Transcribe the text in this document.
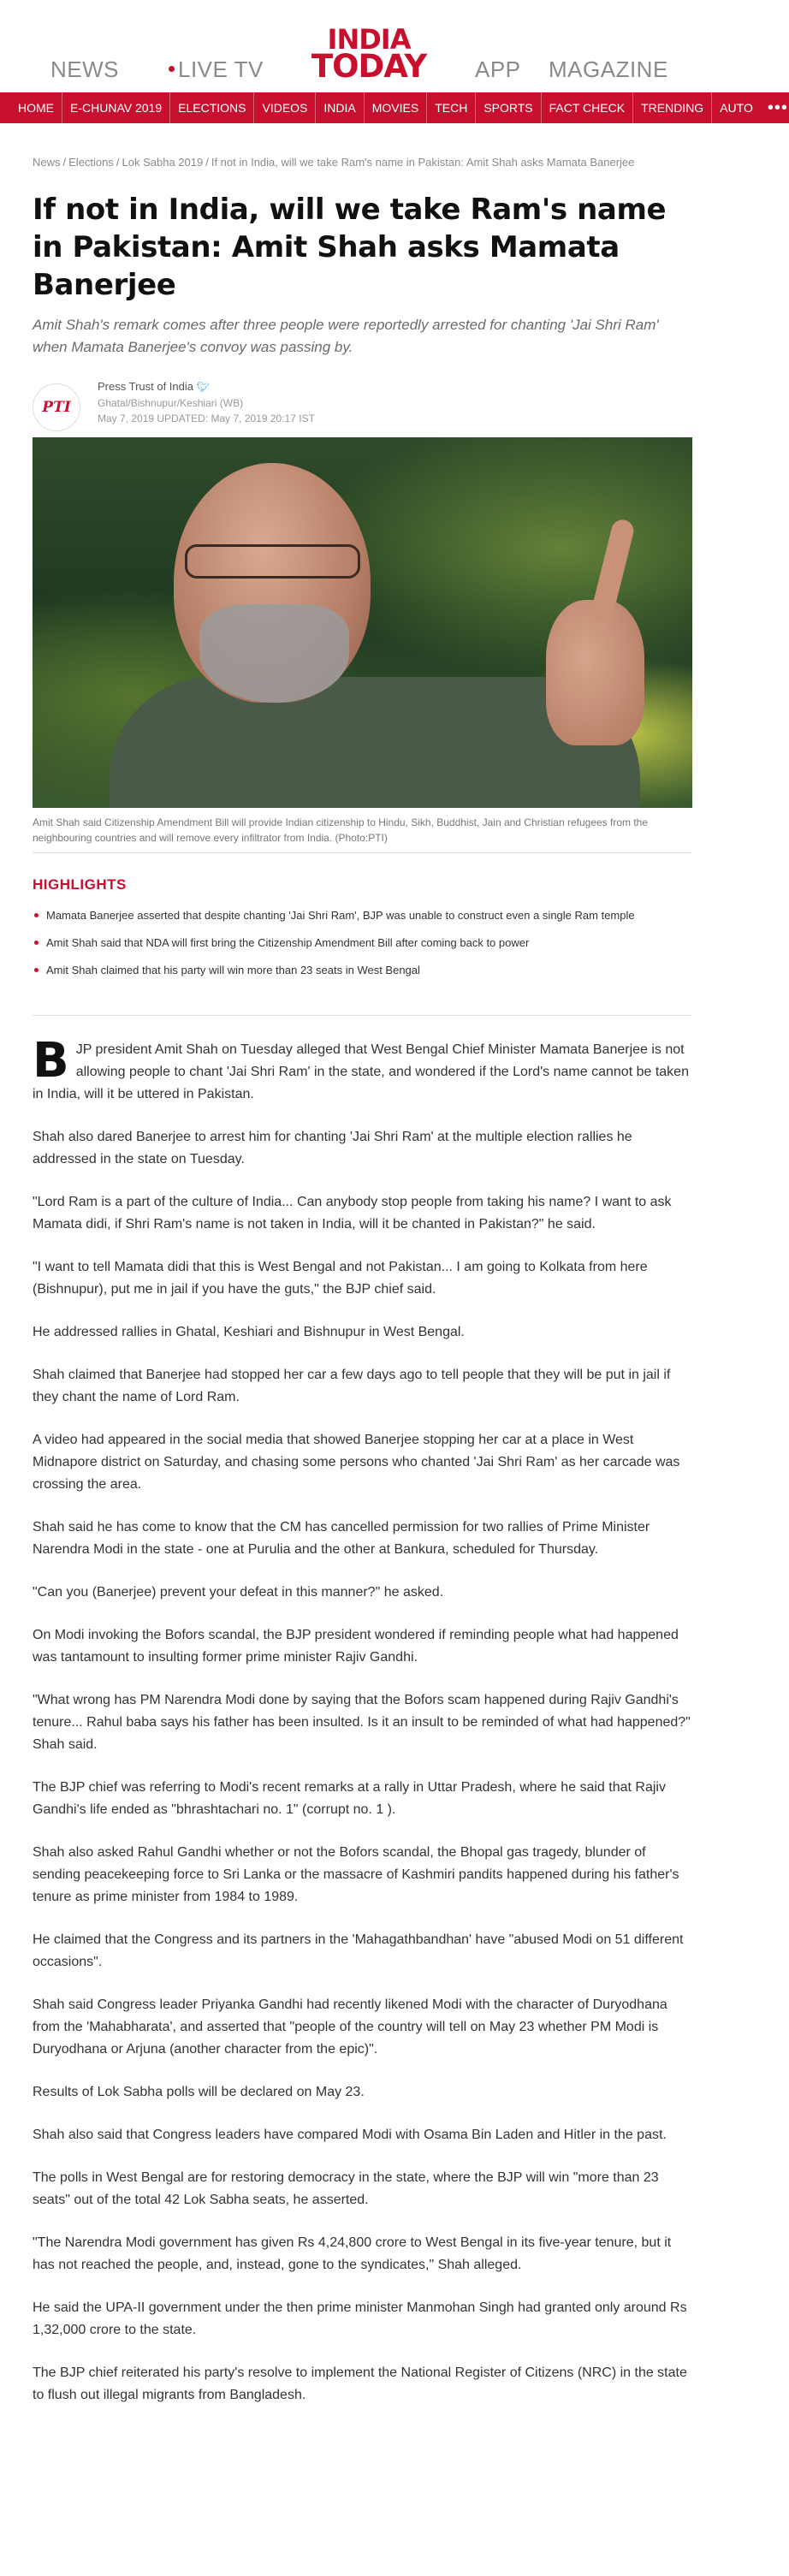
NEWS	LIVE TV
INDIA
TODAY	APP MAGAZINE
HOME	E-CHUNAV 2019	ELECTIONS	VIDEOS	INDIA	MOVIES	TECH	SPORTS	FACT CHECK	TRENDING	AUTO •••
News / Elections / Lok Sabha 2019 / If not in India, will we take Ram's name in Pakistan: Amit Shah asks Mamata Banerjee
If not in India, will we take Ram's name in Pakistan: Amit Shah asks Mamata Banerjee

Amit Shah's remark comes after three people were reportedly arrested for chanting 'Jai Shri Ram' when Mamata Banerjee's convoy was passing by.

PTI
Press Trust of India 🐦︎
Ghatal/Bishnupur/Keshiari (WB)
May 7, 2019 UPDATED: May 7, 2019 20:17 IST

Amit Shah said Citizenship Amendment Bill will provide Indian citizenship to Hindu, Sikh, Buddhist, Jain and Christian refugees from the neighbouring countries and will remove every infiltrator from India. (Photo:PTI)

HIGHLIGHTS
Mamata Banerjee asserted that despite chanting 'Jai Shri Ram', BJP was unable to construct even a single Ram temple
Amit Shah said that NDA will first bring the Citizenship Amendment Bill after coming back to power
Amit Shah claimed that his party will win more than 23 seats in West Bengal

BJP president Amit Shah on Tuesday alleged that West Bengal Chief Minister Mamata Banerjee is not allowing people to chant 'Jai Shri Ram' in the state, and wondered if the Lord's name cannot be taken in India, will it be uttered in Pakistan.

Shah also dared Banerjee to arrest him for chanting 'Jai Shri Ram' at the multiple election rallies he addressed in the state on Tuesday.

"Lord Ram is a part of the culture of India... Can anybody stop people from taking his name? I want to ask Mamata didi, if Shri Ram's name is not taken in India, will it be chanted in Pakistan?" he said.

"I want to tell Mamata didi that this is West Bengal and not Pakistan... I am going to Kolkata from here (Bishnupur), put me in jail if you have the guts," the BJP chief said.

He addressed rallies in Ghatal, Keshiari and Bishnupur in West Bengal.

Shah claimed that Banerjee had stopped her car a few days ago to tell people that they will be put in jail if they chant the name of Lord Ram.

A video had appeared in the social media that showed Banerjee stopping her car at a place in West Midnapore district on Saturday, and chasing some persons who chanted 'Jai Shri Ram' as her carcade was crossing the area.

Shah said he has come to know that the CM has cancelled permission for two rallies of Prime Minister Narendra Modi in the state - one at Purulia and the other at Bankura, scheduled for Thursday.

"Can you (Banerjee) prevent your defeat in this manner?" he asked.

On Modi invoking the Bofors scandal, the BJP president wondered if reminding people what had happened was tantamount to insulting former prime minister Rajiv Gandhi.

"What wrong has PM Narendra Modi done by saying that the Bofors scam happened during Rajiv Gandhi's tenure... Rahul baba says his father has been insulted. Is it an insult to be reminded of what had happened?" Shah said.

The BJP chief was referring to Modi's recent remarks at a rally in Uttar Pradesh, where he said that Rajiv Gandhi's life ended as "bhrashtachari no. 1" (corrupt no. 1 ).

Shah also asked Rahul Gandhi whether or not the Bofors scandal, the Bhopal gas tragedy, blunder of sending peacekeeping force to Sri Lanka or the massacre of Kashmiri pandits happened during his father's tenure as prime minister from 1984 to 1989.

He claimed that the Congress and its partners in the 'Mahagathbandhan' have "abused Modi on 51 different occasions".

Shah said Congress leader Priyanka Gandhi had recently likened Modi with the character of Duryodhana from the 'Mahabharata', and asserted that "people of the country will tell on May 23 whether PM Modi is Duryodhana or Arjuna (another character from the epic)".

Results of Lok Sabha polls will be declared on May 23.

Shah also said that Congress leaders have compared Modi with Osama Bin Laden and Hitler in the past.

The polls in West Bengal are for restoring democracy in the state, where the BJP will win "more than 23 seats" out of the total 42 Lok Sabha seats, he asserted.

"The Narendra Modi government has given Rs 4,24,800 crore to West Bengal in its five-year tenure, but it has not reached the people, and, instead, gone to the syndicates," Shah alleged.

He said the UPA-II government under the then prime minister Manmohan Singh had granted only around Rs 1,32,000 crore to the state.

The BJP chief reiterated his party's resolve to implement the National Register of Citizens (NRC) in the state to flush out illegal migrants from Bangladesh.
